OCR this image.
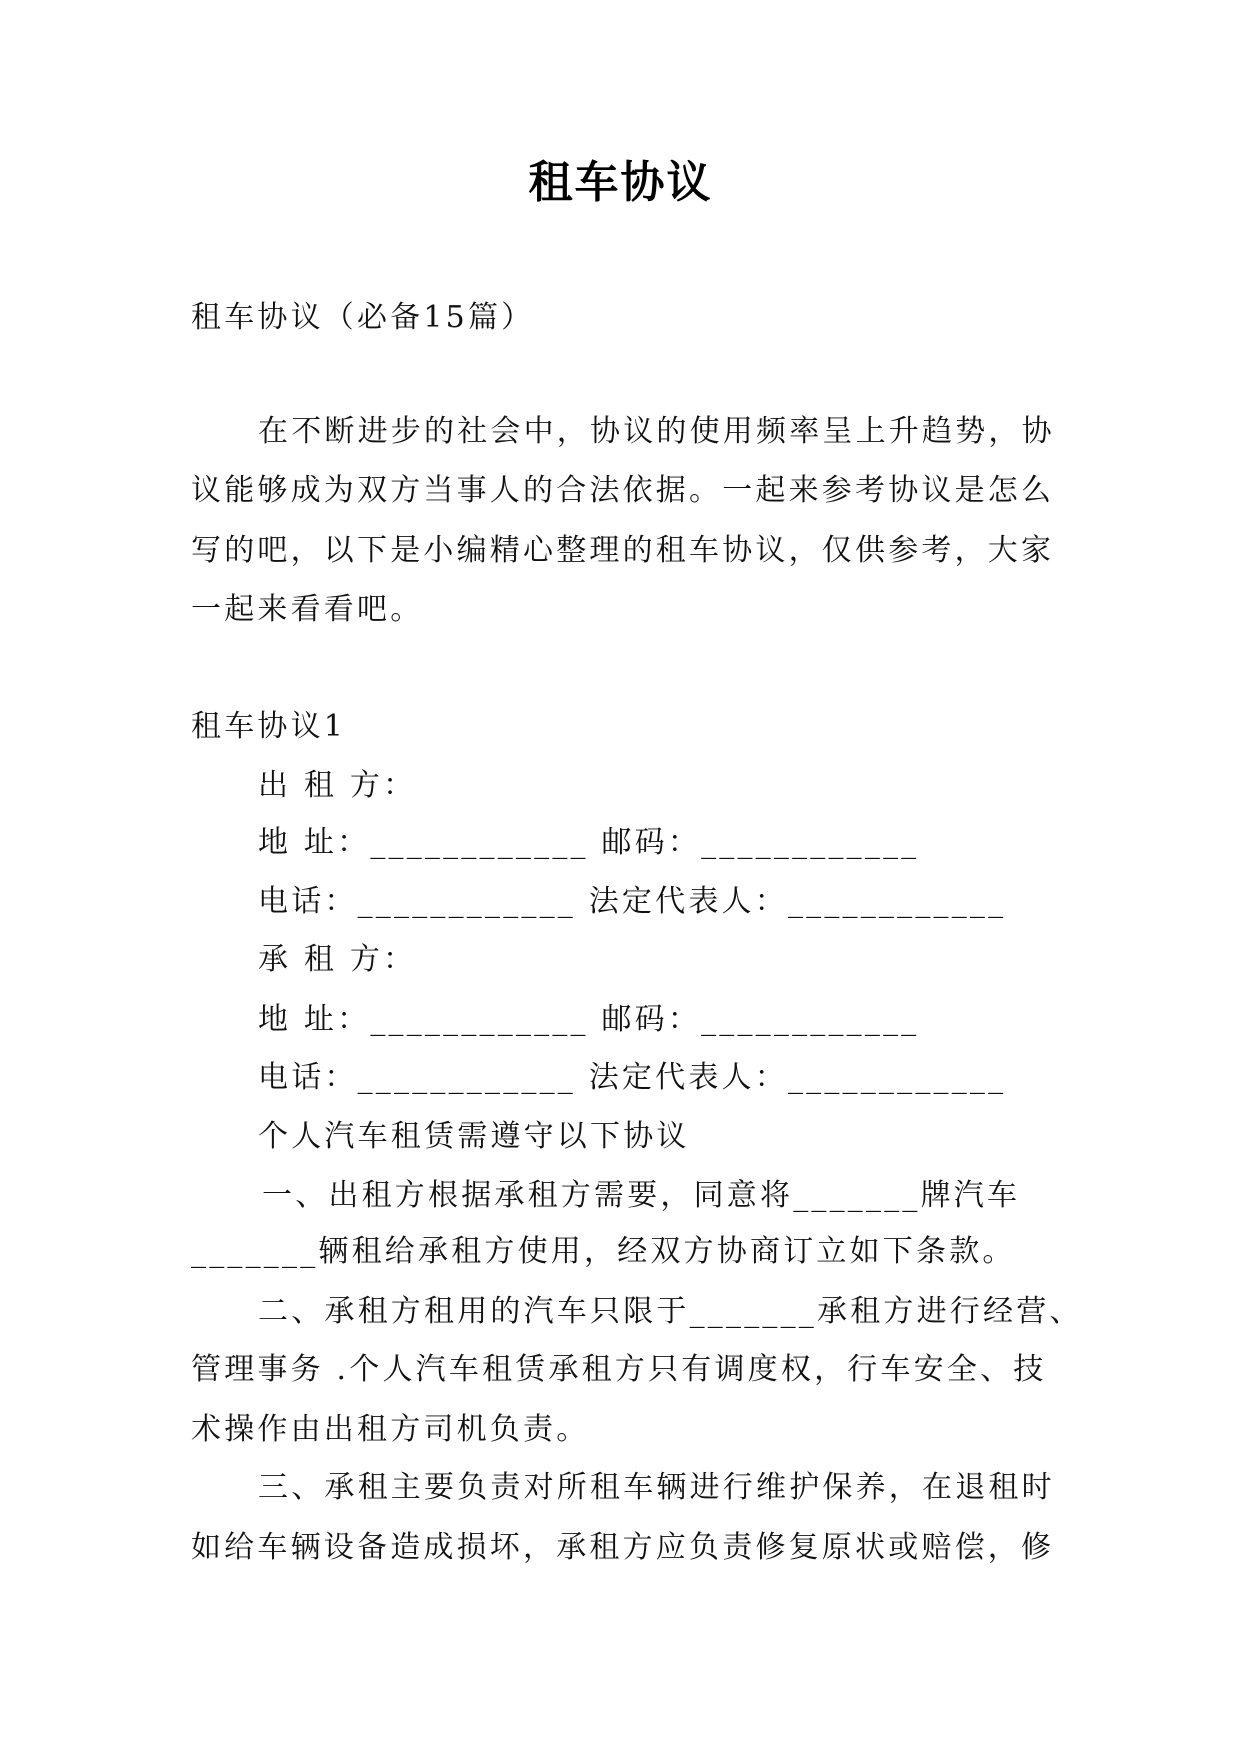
租车协议
租车协议（必备15篇）
在不断进步的社会中，协议的使用频率呈上升趋势，协
议能够成为双方当事人的合法依据。一起来参考协议是怎么
写的吧，以下是小编精心整理的租车协议，仅供参考，大家
一起来看看吧。
租车协议1
出 租 方：
地 址：____________ 邮码：____________
电话：____________ 法定代表人：____________
承 租 方：
地 址：____________ 邮码：____________
电话：____________ 法定代表人：____________
个人汽车租赁需遵守以下协议
一、出租方根据承租方需要，同意将_______牌汽车
_______辆租给承租方使用，经双方协商订立如下条款。
二、承租方租用的汽车只限于_______承租方进行经营、
管理事务 .个人汽车租赁承租方只有调度权，行车安全、技
术操作由出租方司机负责。
三、承租主要负责对所租车辆进行维护保养，在退租时
如给车辆设备造成损坏，承租方应负责修复原状或赔偿，修
